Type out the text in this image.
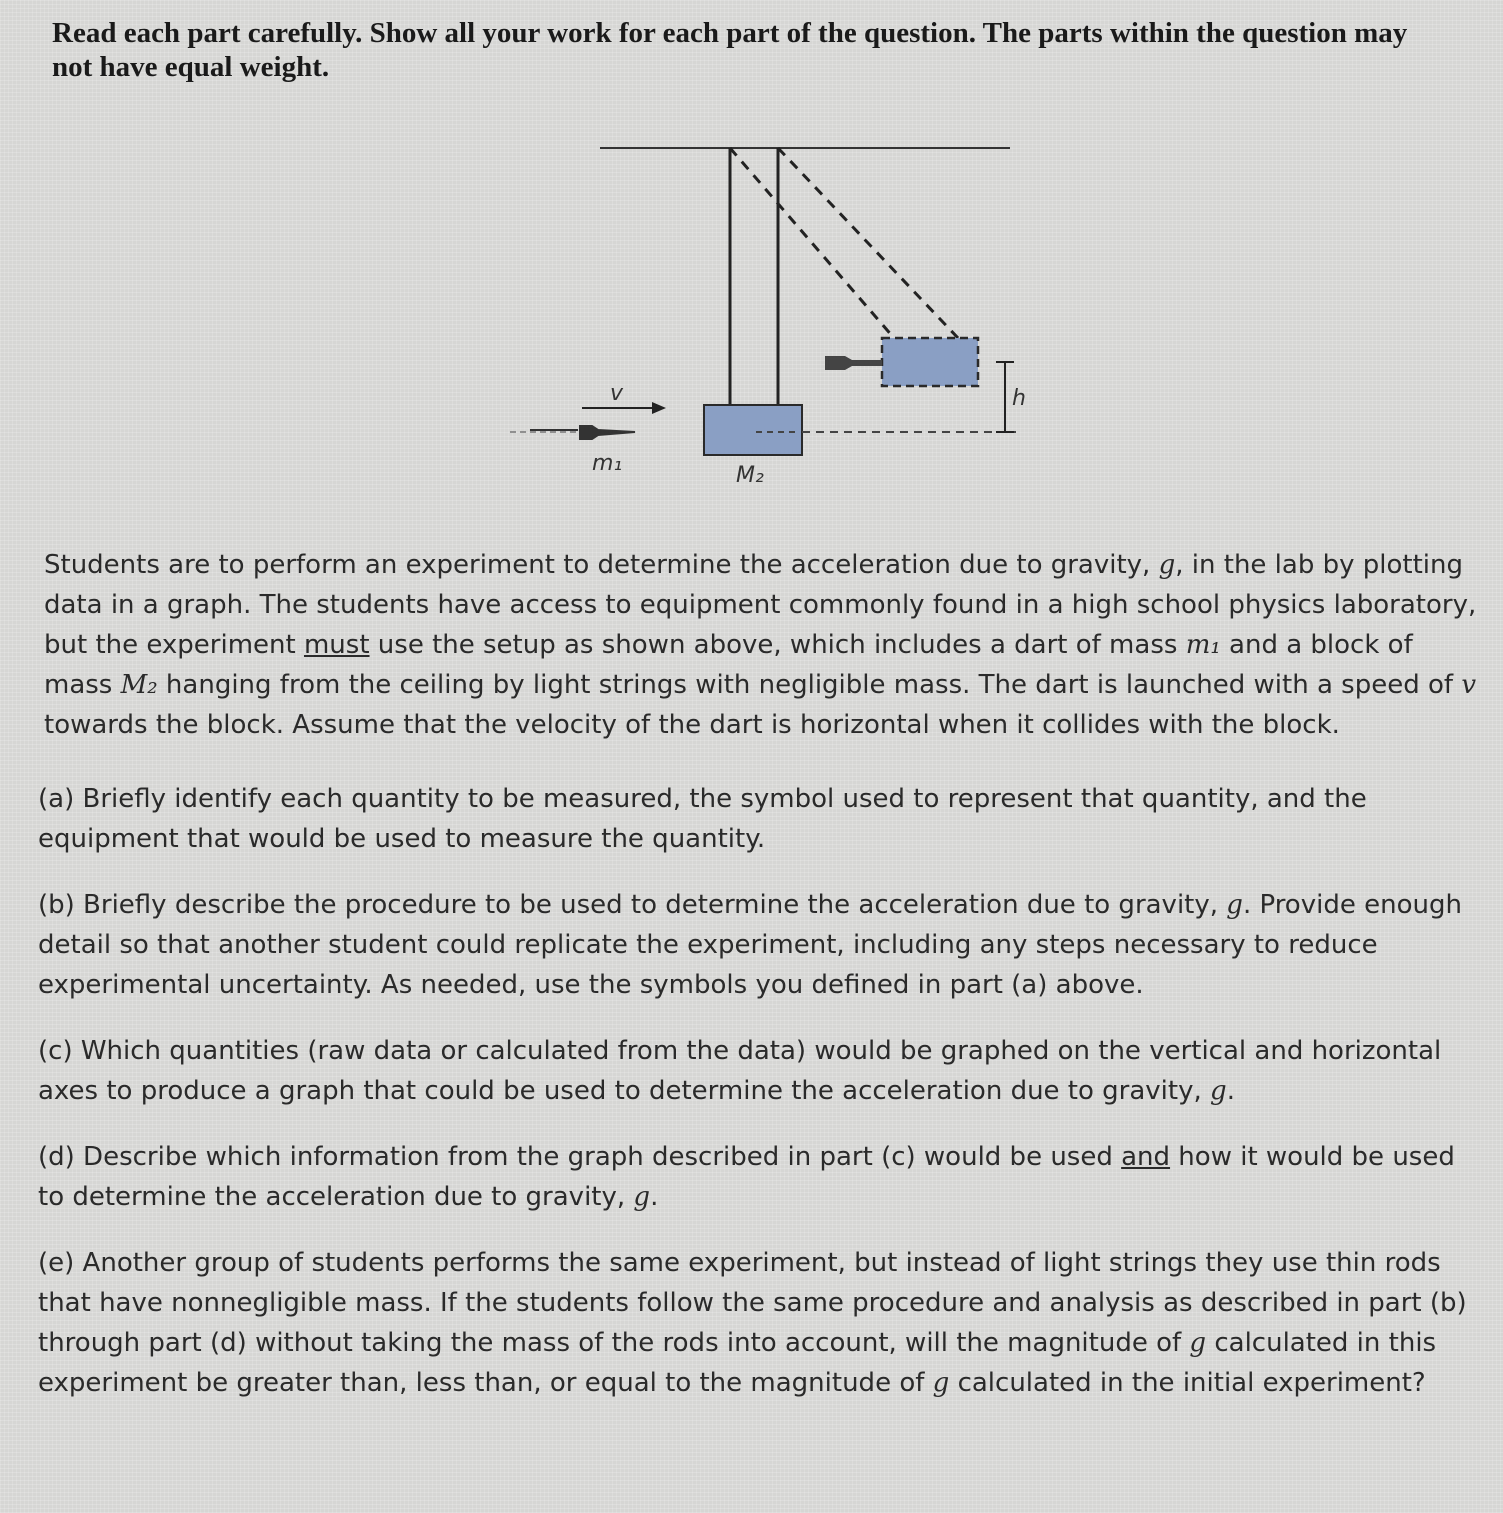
Read each part carefully. Show all your work for each part of the question. The parts within the question may not have equal weight.

v
m₁	M₂
h

Students are to perform an experiment to determine the acceleration due to gravity, g, in the lab by plotting data in a graph. The students have access to equipment commonly found in a high school physics laboratory, but the experiment must use the setup as shown above, which includes a dart of mass m₁ and a block of mass M₂ hanging from the ceiling by light strings with negligible mass. The dart is launched with a speed of v towards the block. Assume that the velocity of the dart is horizontal when it collides with the block.

(a) Briefly identify each quantity to be measured, the symbol used to represent that quantity, and the equipment that would be used to measure the quantity.

(b) Briefly describe the procedure to be used to determine the acceleration due to gravity, g. Provide enough detail so that another student could replicate the experiment, including any steps necessary to reduce experimental uncertainty. As needed, use the symbols you defined in part (a) above.

(c) Which quantities (raw data or calculated from the data) would be graphed on the vertical and horizontal axes to produce a graph that could be used to determine the acceleration due to gravity, g.

(d) Describe which information from the graph described in part (c) would be used and how it would be used to determine the acceleration due to gravity, g.

(e) Another group of students performs the same experiment, but instead of light strings they use thin rods that have nonnegligible mass. If the students follow the same procedure and analysis as described in part (b) through part (d) without taking the mass of the rods into account, will the magnitude of g calculated in this experiment be greater than, less than, or equal to the magnitude of g calculated in the initial experiment?
